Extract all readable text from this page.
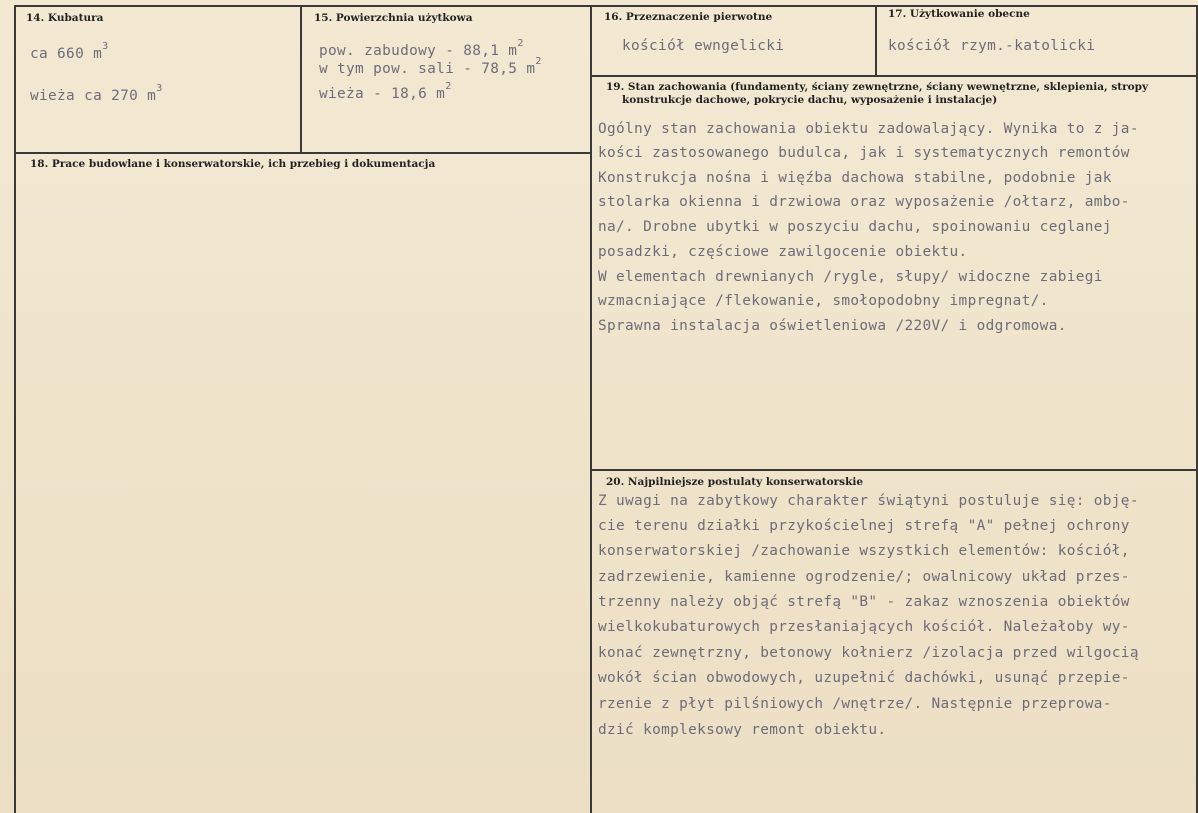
14. Kubatura
ca 660 $m^3$
wieża ca 270 $m^3$
15. Powierzchnia użytkowa
pow. zabudowy - 88,1 $m^2$
w tym pow. sali - 78,5 $m^2$
wieża - 18,6 $m^2$
16. Przeznaczenie pierwotne
kościół ewngelicki
17. Użytkowanie obecne
kościół rzym.-katolicki
18. Prace budowlane i konserwatorskie, ich przebieg i dokumentacja
19. Stan zachowania (fundamenty, ściany zewnętrzne, ściany wewnętrzne, sklepienia, stropy
konstrukcje dachowe, pokrycie dachu, wyposażenie i instalacje)
Ogólny stan zachowania obiektu zadowalający. Wynika to z ja-
kości zastosowanego budulca, jak i systematycznych remontów
Konstrukcja nośna i więźba dachowa stabilne, podobnie jak
stolarka okienna i drzwiowa oraz wyposażenie /ołtarz, ambo-
na/. Drobne ubytki w poszyciu dachu, spoinowaniu ceglanej
posadzki, częściowe zawilgocenie obiektu.
W elementach drewnianych /rygle, słupy/ widoczne zabiegi
wzmacniające /flekowanie, smołopodobny impregnat/.
Sprawna instalacja oświetleniowa /220V/ i odgromowa.
20. Najpilniejsze postulaty konserwatorskie
Z uwagi na zabytkowy charakter świątyni postuluje się: obję-
cie terenu działki przykościelnej strefą "A" pełnej ochrony
konserwatorskiej /zachowanie wszystkich elementów: kościół,
zadrzewienie, kamienne ogrodzenie/; owalnicowy układ przes-
trzenny należy objąć strefą "B" - zakaz wznoszenia obiektów
wielkokubaturowych przesłaniających kościół. Należałoby wy-
konać zewnętrzny, betonowy kołnierz /izolacja przed wilgocią
wokół ścian obwodowych, uzupełnić dachówki, usunąć przepie-
rzenie z płyt pilśniowych /wnętrze/. Następnie przeprowa-
dzić kompleksowy remont obiektu.
